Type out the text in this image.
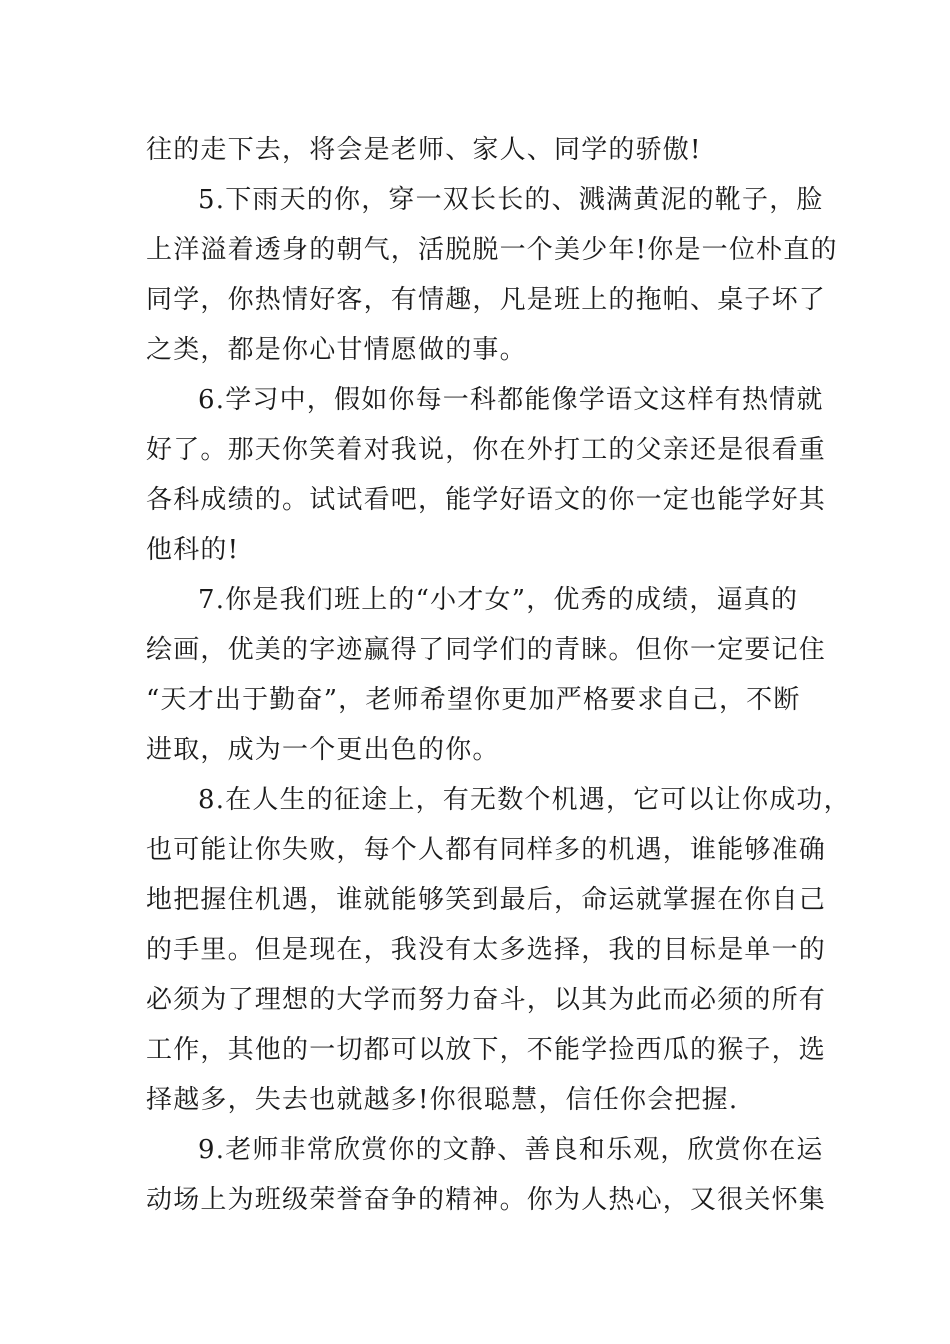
往的走下去，将会是老师、家人、同学的骄傲!
5.下雨天的你，穿一双长长的、溅满黄泥的靴子，脸
上洋溢着透身的朝气，活脱脱一个美少年!你是一位朴直的
同学，你热情好客，有情趣，凡是班上的拖帕、桌子坏了
之类，都是你心甘情愿做的事。
6.学习中，假如你每一科都能像学语文这样有热情就
好了。那天你笑着对我说，你在外打工的父亲还是很看重
各科成绩的。试试看吧，能学好语文的你一定也能学好其
他科的!
7.你是我们班上的“小才女”，优秀的成绩，逼真的
绘画，优美的字迹赢得了同学们的青睐。但你一定要记住
“天才出于勤奋”，老师希望你更加严格要求自己，不断
进取，成为一个更出色的你。
8.在人生的征途上，有无数个机遇，它可以让你成功，
也可能让你失败，每个人都有同样多的机遇，谁能够准确
地把握住机遇，谁就能够笑到最后，命运就掌握在你自己
的手里。但是现在，我没有太多选择，我的目标是单一的
必须为了理想的大学而努力奋斗，以其为此而必须的所有
工作，其他的一切都可以放下，不能学捡西瓜的猴子，选
择越多，失去也就越多!你很聪慧，信任你会把握.
9.老师非常欣赏你的文静、善良和乐观，欣赏你在运
动场上为班级荣誉奋争的精神。你为人热心，又很关怀集
